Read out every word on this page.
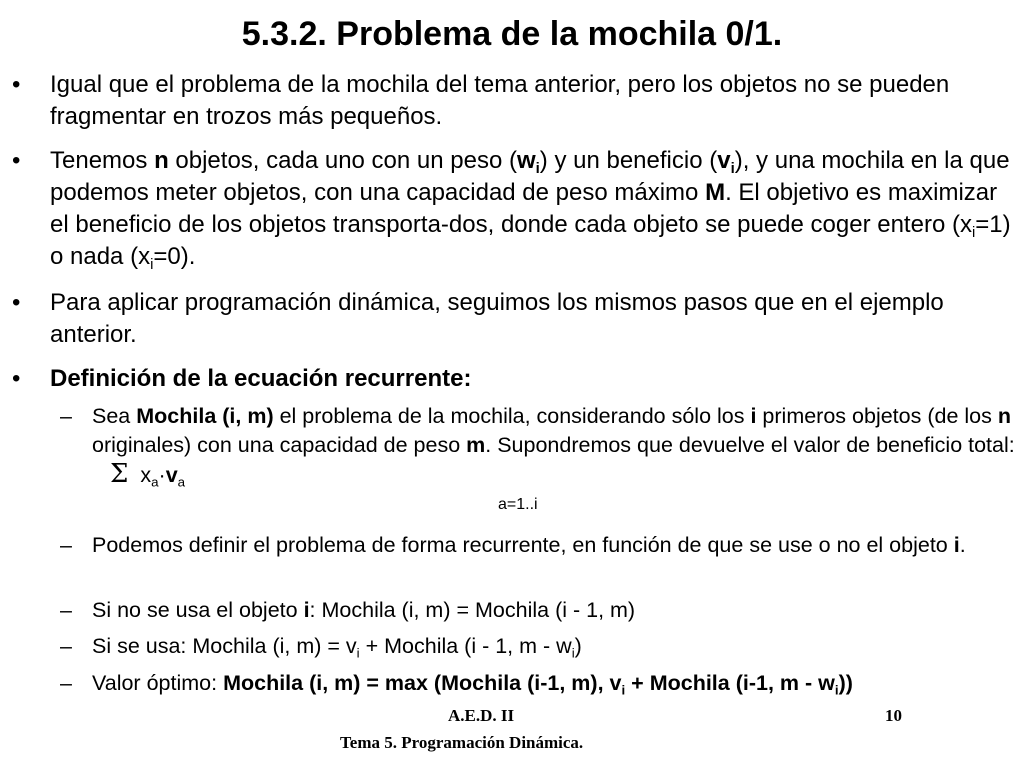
5.3.2. Problema de la mochila 0/1.
•	Igual que el problema de la mochila del tema anterior, pero los objetos no se pueden fragmentar en trozos más pequeños.
•	Tenemos n objetos, cada uno con un peso $(w_i)$ y un beneficio $(v_i)$, y una mochila en la que podemos meter objetos, con una capacidad de peso máximo M. El objetivo es maximizar el beneficio de los objetos transporta-dos, donde cada objeto se puede coger entero $(x_i=1)$ o nada $(x_i=0)$.
•	Para aplicar programación dinámica, seguimos los mismos pasos que en el ejemplo anterior.
•	Definición de la ecuación recurrente:
– Sea Mochila (i, m) el problema de la mochila, considerando sólo los i primeros objetos (de los n originales) con una capacidad de peso m. Supondremos que devuelve el valor de beneficio total: Σ $x_a\cdot v_a$
a=1..i
– Podemos definir el problema de forma recurrente, en función de que se use o no el objeto i.
– Si no se usa el objeto i: Mochila (i, m) = Mochila (i - 1, m)
– Si se usa: Mochila (i, $m) = v_i$ + Mochila (i - 1, m - $w_i$)
– Valor óptimo: Mochila (i, m) = max (Mochila (i-1, m), $v_i$ + Mochila (i-1, m - $w_i$))
A.E.D. II	10
Tema 5. Programación Dinámica.
